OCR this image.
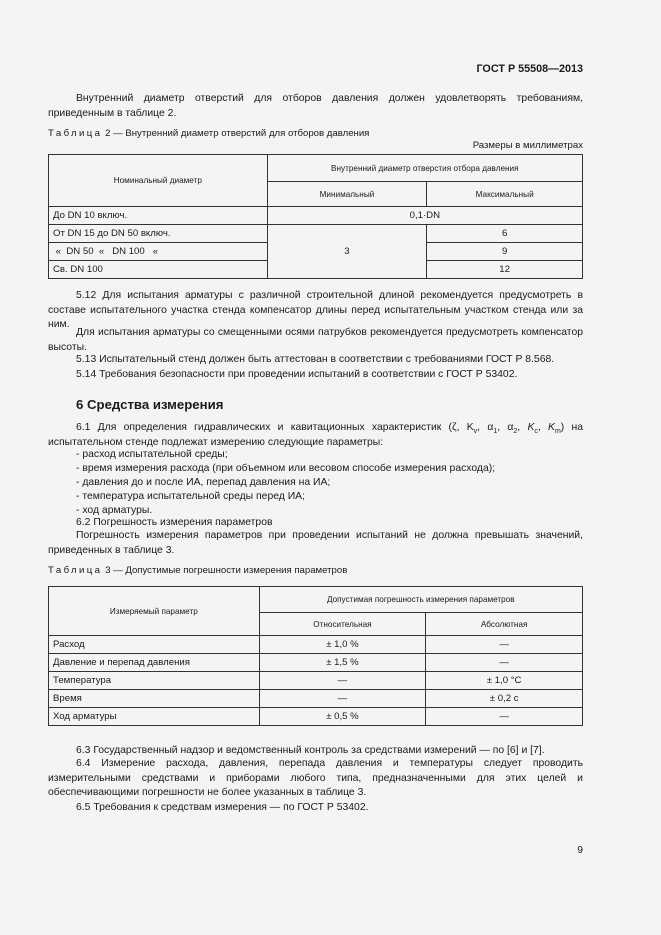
ГОСТ Р 55508—2013
Внутренний диаметр отверстий для отборов давления должен удовлетворять требованиям, приведенным в таблице 2.
Таблица 2 — Внутренний диаметр отверстий для отборов давления
Размеры в миллиметрах
Номинальный диаметр	Внутренний диаметр отверстия отбора давления	
	Минимальный	Максимальный
До DN 10 включ.	0,1·DN	
От DN 15 до DN 50 включ.	3	6
«  DN 50  «   DN 100   «		9
Св. DN 100		12
5.12 Для испытания арматуры с различной строительной длиной рекомендуется предусмотреть в составе испытательного участка стенда компенсатор длины перед испытательным участком стенда или за ним.
Для испытания арматуры со смещенными осями патрубков рекомендуется предусмотреть компенсатор высоты.
5.13 Испытательный стенд должен быть аттестован в соответствии с требованиями ГОСТ Р 8.568.
5.14 Требования безопасности при проведении испытаний в соответствии с ГОСТ Р 53402.
6 Средства измерения
6.1 Для определения гидравлических и кавитационных характеристик (ζ, $K_v$, $\alpha_1$, $\alpha_2$, $K_c$, $K_m$) на испытательном стенде подлежат измерению следующие параметры:
- расход испытательной среды;
- время измерения расхода (при объемном или весовом способе измерения расхода);
- давления до и после ИА, перепад давления на ИА;
- температура испытательной среды перед ИА;
- ход арматуры.
6.2 Погрешность измерения параметров
Погрешность измерения параметров при проведении испытаний не должна превышать значений, приведенных в таблице 3.
Таблица 3 — Допустимые погрешности измерения параметров
Измеряемый параметр	Допустимая погрешность измерения параметров	
	Относительная	Абсолютная
Расход	± 1,0 %	—
Давление и перепад давления	± 1,5 %	—
Температура	—	± 1,0 °С
Время	—	± 0,2 с
Ход арматуры	± 0,5 %	—
6.3 Государственный надзор и ведомственный контроль за средствами измерений — по [6] и [7].
6.4 Измерение расхода, давления, перепада давления и температуры следует проводить измерительными средствами и приборами любого типа, предназначенными для этих целей и обеспечивающими погрешности не более указанных в таблице 3.
6.5 Требования к средствам измерения — по ГОСТ Р 53402.
9
